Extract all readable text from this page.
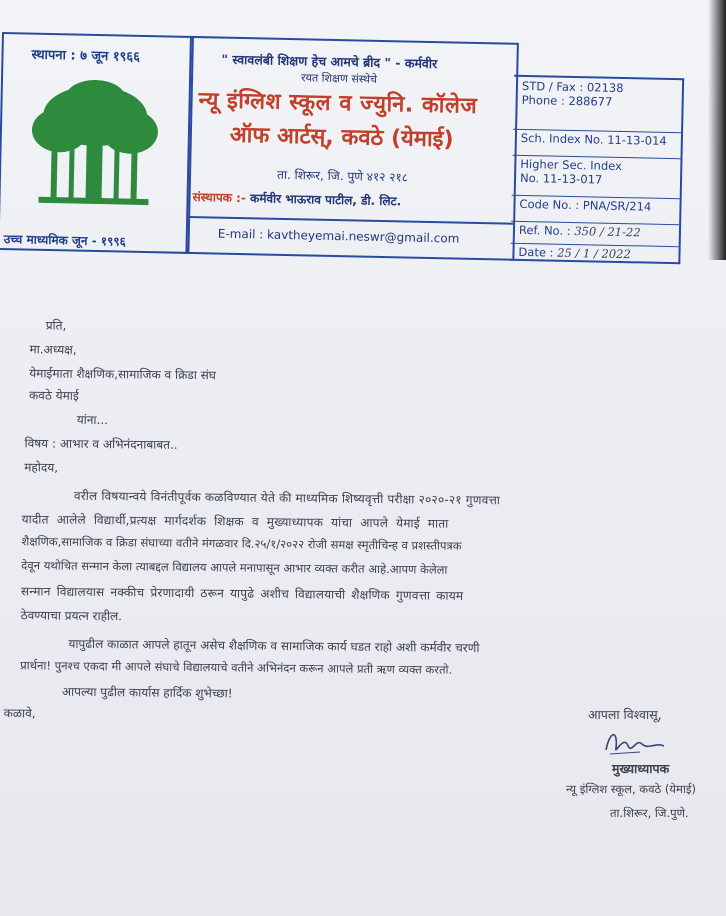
स्थापना : ७ जून १९६६
उच्च माध्यमिक जून - १९९६
" स्वावलंबी शिक्षण हेच आमचे ब्रीद " - कर्मवीर
रयत शिक्षण संस्थेचे
न्यू इंग्लिश स्कूल व ज्युनि. कॉलेज
ऑफ आर्टस्, कवठे (येमाई)
ता. शिरूर, जि. पुणे ४१२ २१८
संस्थापक :- कर्मवीर भाऊराव पाटील, डी. लिट.
E-mail : kavtheyemai.neswr@gmail.com
STD / Fax : 02138
Phone : 288677
Sch. Index No. 11-13-014
Higher Sec. Index
No. 11-13-017
Code No. : PNA/SR/214
Ref. No. : 350 / 21-22
Date : 25 / 1 / 2022
प्रति,
मा.अध्यक्ष,
येमाईमाता शैक्षणिक,सामाजिक व क्रिडा संघ
कवठे येमाई
यांना...
विषय : आभार व अभिनंदनाबाबत..
महोदय,
वरील विषयान्वये विनंतीपूर्वक कळविण्यात येते की माध्यमिक शिष्यवृत्ती परीक्षा २०२०-२१ गुणवत्ता
यादीत आलेले विद्यार्थी,प्रत्यक्ष मार्गदर्शक शिक्षक व मुख्याध्यापक यांचा आपले येमाई माता
शैक्षणिक,सामाजिक व क्रिडा संघाच्या वतीने मंगळवार दि.२५/१/२०२२ रोजी समक्ष स्मृतीचिन्ह व प्रशस्तीपत्रक
देवून यथोचित सन्मान केला त्याबद्दल विद्यालय आपले मनापासून आभार व्यक्त करीत आहे.आपण केलेला
सन्मान विद्यालयास नक्कीच प्रेरणादायी ठरून यापुढे अशीच विद्यालयाची शैक्षणिक गुणवत्ता कायम
ठेवण्याचा प्रयत्न राहील.
यापुढील काळात आपले हातून असेच शैक्षणिक व सामाजिक कार्य घडत राहो अशी कर्मवीर चरणी
प्रार्थना! पुनश्च एकदा मी आपले संघाचे विद्यालयाचे वतीने अभिनंदन करून आपले प्रती ऋण व्यक्त करतो.
आपल्या पुढील कार्यास हार्दिक शुभेच्छा!
कळावे,	आपला विश्वासू,
मुख्याध्यापक
न्यू इंग्लिश स्कूल, कवठे (येमाई)
ता.शिरूर, जि.पुणे.
